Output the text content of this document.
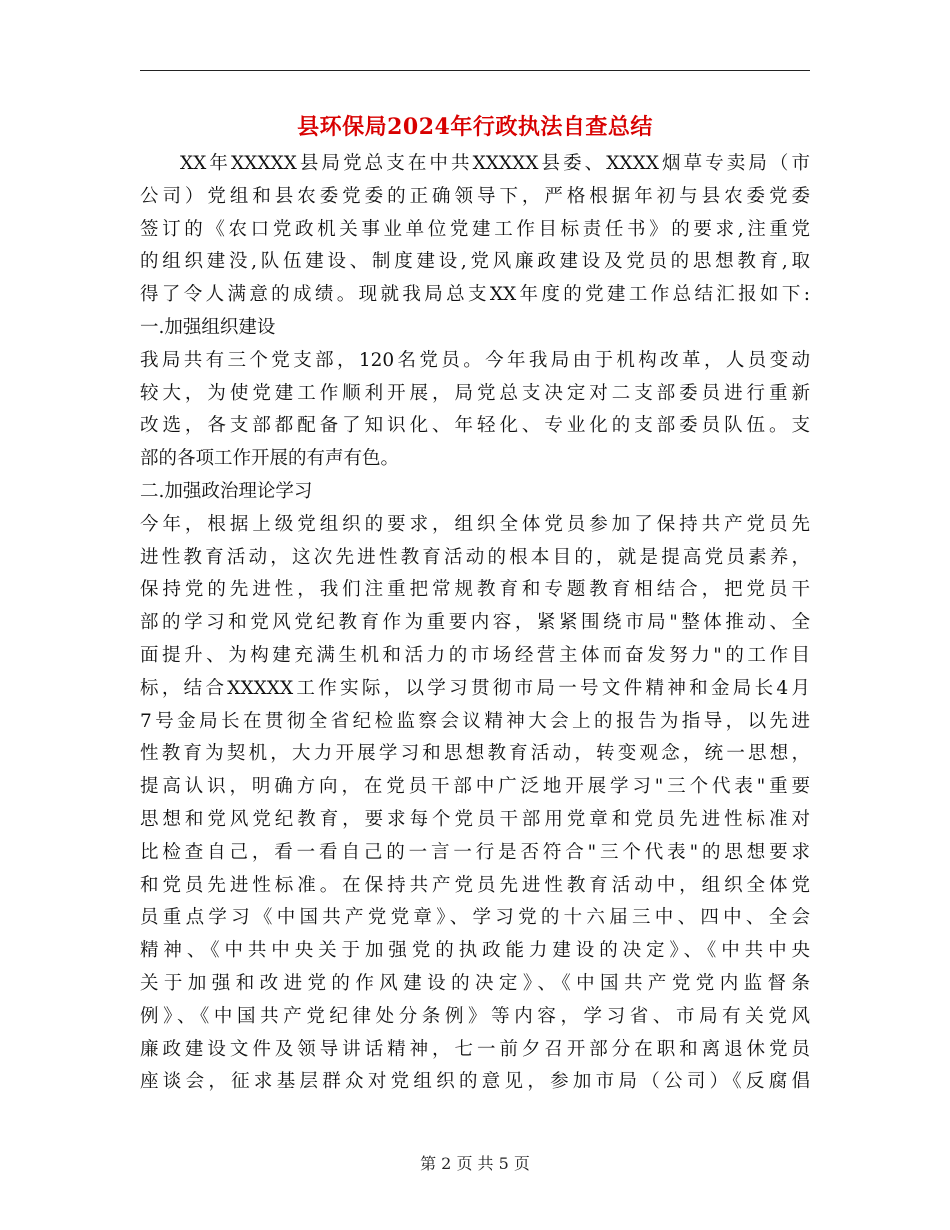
县环保局2024年行政执法自查总结
XX年XXXXX县局党总支在中共XXXXX县委、XXXX烟草专卖局（市
公司）党组和县农委党委的正确领导下，严格根据年初与县农委党委
签订的《农口党政机关事业单位党建工作目标责任书》的要求,注重党
的组织建没,队伍建设、制度建设,党风廉政建设及党员的思想教育,取
得了令人满意的成绩。现就我局总支XX年度的党建工作总结汇报如下:
一.加强组织建设
我局共有三个党支部，120名党员。今年我局由于机构改革，人员变动
较大，为使党建工作顺利开展，局党总支决定对二支部委员进行重新
改选，各支部都配备了知识化、年轻化、专业化的支部委员队伍。支
部的各项工作开展的有声有色。
二.加强政治理论学习
今年，根据上级党组织的要求，组织全体党员参加了保持共产党员先
进性教育活动，这次先进性教育活动的根本目的，就是提高党员素养，
保持党的先进性，我们注重把常规教育和专题教育相结合，把党员干
部的学习和党风党纪教育作为重要内容，紧紧围绕市局"整体推动、全
面提升、为构建充满生机和活力的市场经营主体而奋发努力"的工作目
标，结合XXXXX工作实际，以学习贯彻市局一号文件精神和金局长4月
7号金局长在贯彻全省纪检监察会议精神大会上的报告为指导，以先进
性教育为契机，大力开展学习和思想教育活动，转变观念，统一思想，
提高认识，明确方向，在党员干部中广泛地开展学习"三个代表"重要
思想和党风党纪教育，要求每个党员干部用党章和党员先进性标准对
比检查自己，看一看自己的一言一行是否符合"三个代表"的思想要求
和党员先进性标准。在保持共产党员先进性教育活动中，组织全体党
员重点学习《中国共产党党章》、学习党的十六届三中、四中、全会
精神、《中共中央关于加强党的执政能力建设的决定》、《中共中央
关于加强和改进党的作风建设的决定》、《中国共产党党内监督条
例》、《中国共产党纪律处分条例》等内容，学习省、市局有关党风
廉政建设文件及领导讲话精神，七一前夕召开部分在职和离退休党员
座谈会，征求基层群众对党组织的意见，参加市局（公司）《反腐倡
第 2 页 共 5 页
